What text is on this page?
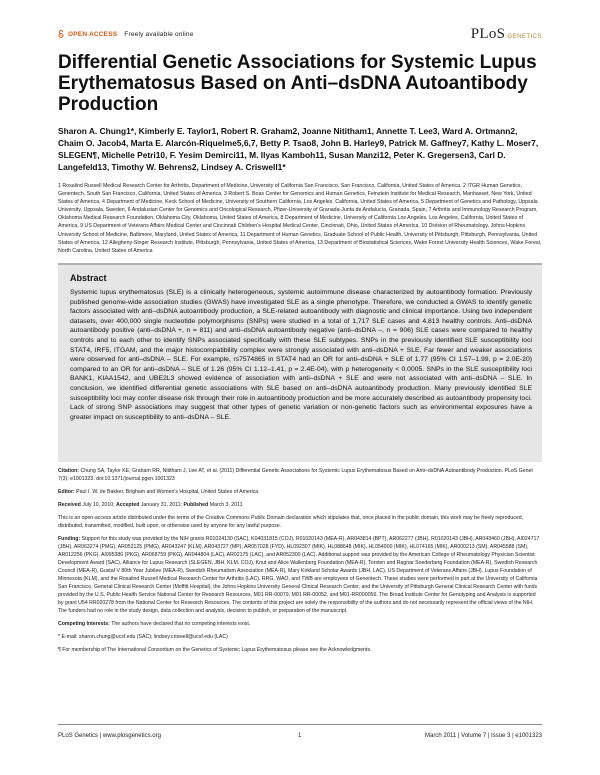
OPEN ACCESS Freely available online	PLoS GENETICS
Differential Genetic Associations for Systemic Lupus Erythematosus Based on Anti–dsDNA Autoantibody Production
Sharon A. Chung1*, Kimberly E. Taylor1, Robert R. Graham2, Joanne Nititham1, Annette T. Lee3, Ward A. Ortmann2, Chaim O. Jacob4, Marta E. Alarcón-Riquelme5,6,7, Betty P. Tsao8, John B. Harley9, Patrick M. Gaffney7, Kathy L. Moser7, SLEGEN¶, Michelle Petri10, F. Yesim Demirci11, M. Ilyas Kamboh11, Susan Manzi12, Peter K. Gregersen3, Carl D. Langefeld13, Timothy W. Behrens2, Lindsey A. Criswell1*
1 Rosalind Russell Medical Research Center for Arthritis, Department of Medicine, University of California San Francisco, San Francisco, California, United States of America, 2 ITGR Human Genetics, Genentech, South San Francisco, California, United States of America, 3 Robert S. Boas Center for Genomics and Human Genetics, Feinstein Institute for Medical Research, Manhasset, New York, United States of America, 4 Department of Medicine, Keck School of Medicine, University of Southern California, Los Angeles, California, United States of America, 5 Department of Genetics and Pathology, Uppsala University, Uppsala, Sweden, 6 Andalusian Center for Genomics and Oncological Research, Pfizer-University of Granada-Junta de Andalucía, Granada, Spain, 7 Arthritis and Immunology Research Program, Oklahoma Medical Research Foundation, Oklahoma City, Oklahoma, United States of America, 8 Department of Medicine, University of California Los Angeles, Los Angeles, California, United States of America, 9 US Department of Veterans Affairs Medical Center and Cincinnati Children's Hospital Medical Center, Cincinnati, Ohio, United States of America, 10 Division of Rheumatology, Johns Hopkins University School of Medicine, Baltimore, Maryland, United States of America, 11 Department of Human Genetics, Graduate School of Public Health, University of Pittsburgh, Pittsburgh, Pennsylvania, United States of America, 12 Allegheny-Singer Research Institute, Pittsburgh, Pennsylvania, United States of America, 13 Department of Biostatistical Sciences, Wake Forest University Health Sciences, Wake Forest, North Carolina, United States of America
Abstract

Systemic lupus erythematosus (SLE) is a clinically heterogeneous, systemic autoimmune disease characterized by autoantibody formation. Previously published genome-wide association studies (GWAS) have investigated SLE as a single phenotype. Therefore, we conducted a GWAS to identify genetic factors associated with anti–dsDNA autoantibody production, a SLE-related autoantibody with diagnostic and clinical importance. Using two independent datasets, over 400,000 single nucleotide polymorphisms (SNPs) were studied in a total of 1,717 SLE cases and 4,813 healthy controls. Anti–dsDNA autoantibody positive (anti–dsDNA +, n = 811) and anti–dsDNA autoantibody negative (anti–dsDNA –, n = 906) SLE cases were compared to healthy controls and to each other to identify SNPs associated specifically with these SLE subtypes. SNPs in the previously identified SLE susceptibility loci STAT4, IRF5, ITGAM, and the major histocompatibility complex were strongly associated with anti–dsDNA + SLE. Far fewer and weaker associations were observed for anti–dsDNA – SLE. For example, rs7574865 in STAT4 had an OR for anti–dsDNA + SLE of 1.77 (95% CI 1.57–1.99, p = 2.0E-20) compared to an OR for anti–dsDNA – SLE of 1.26 (95% CI 1.12–1.41, p = 2.4E-04), with p heterogeneity < 0.0005. SNPs in the SLE susceptibility loci BANK1, KIAA1542, and UBE2L3 showed evidence of association with anti–dsDNA + SLE and were not associated with anti–dsDNA – SLE. In conclusion, we identified differential genetic associations with SLE based on anti–dsDNA autoantibody production. Many previously identified SLE susceptibility loci may confer disease risk through their role in autoantibody production and be more accurately described as autoantibody propensity loci. Lack of strong SNP associations may suggest that other types of genetic variation or non-genetic factors such as environmental exposures have a greater impact on susceptibility to anti–dsDNA – SLE.

Citation: Chung SA, Taylor KE, Graham RR, Nititham J, Lee AT, et al. (2011) Differential Genetic Associations for Systemic Lupus Erythematosus Based on Anti–dsDNA Autoantibody Production. PLoS Genet 7(3): e1001323. doi:10.1371/journal.pgen.1001323

Editor: Paul I. W. de Bakker, Brigham and Women's Hospital, United States of America

Received July 10, 2010; Accepted January 31, 2011; Published March 3, 2011

This is an open-access article distributed under the terms of the Creative Commons Public Domain declaration which stipulates that, once placed in the public domain, this work may be freely reproduced, distributed, transmitted, modified, built upon, or otherwise used by anyone for any lawful purpose.

Funding: Support for this study was provided by the NIH grants R01024130 (SAC), K04031815 (COJ), R01020143 (MEA-R), AR043814 (BPT), AR062277 (JBH), R01020143 (JBH), AR043460 (JBH), AI024717 (JBH), AR063274 (PMG), AR052125 (PMG), AR043247 (KLM), AR043727 (MP), AR057028 (FYD), HL092307 (MIK), HL088648 (MIK), HL054900 (MIK), HL074165 (MIK), AR000213 (SM), AR045588 (SM), AR012256 (PKG), AI095386 (PKG), AR068759 (PKG), AR044804 (LAC), AR02175 (LAC), and AR052300 (LAC). Additional support was provided by the American College of Rheumatology Physician Scientist Development Award (SAC), Alliance for Lupus Research (SLEGEN, JBH, KLM, COJ), Knut and Alice Wallenberg Foundation (MEA-R), Torsten and Ragnar Soederberg Foundation (MEA-R), Swedish Research Council (MEA-R), Gustaf V 80th Year Jubilee (MEA-R), Swedish Rheumatism Association (MEA-R), Mary Kirkland Scholar Awards (JBH, LAC), US Department of Veterans Affairs (JBH), Lupus Foundation of Minnesota (KLM), and the Rosalind Russell Medical Research Center for Arthritis (LAC). RRG, WAO, and TWB are employees of Genentech. These studies were performed in part at the University of California San Francisco, General Clinical Research Center (Moffitt Hospital), the Johns Hopkins University General Clinical Research Center, and the University of Pittsburgh General Clinical Research Center with funds provided by the U.S. Public Health Service National Center for Research Resources, M01 RR-00079, M01 RR-00052, and M01-RR000056. The Broad Institute Center for Genotyping and Analysis is supported by grant U54 RR020278 from the National Center for Research Resources. The contents of this project are solely the responsibility of the authors and do not necessarily represent the official views of the NIH. The funders had no role in the study design, data collection and analysis, decision to publish, or preparation of the manuscript.

Competing Interests: The authors have declared that no competing interests exist.

* E-mail: sharon.chung@ucsf.edu (SAC); lindsey.criswell@ucsf.edu (LAC)

¶ For membership of The International Consortium on the Genetics of Systemic Lupus Erythematosus please see the Acknowledgments.

PLoS Genetics | www.plosgenetics.org	1	March 2011 | Volume 7 | Issue 3 | e1001323
